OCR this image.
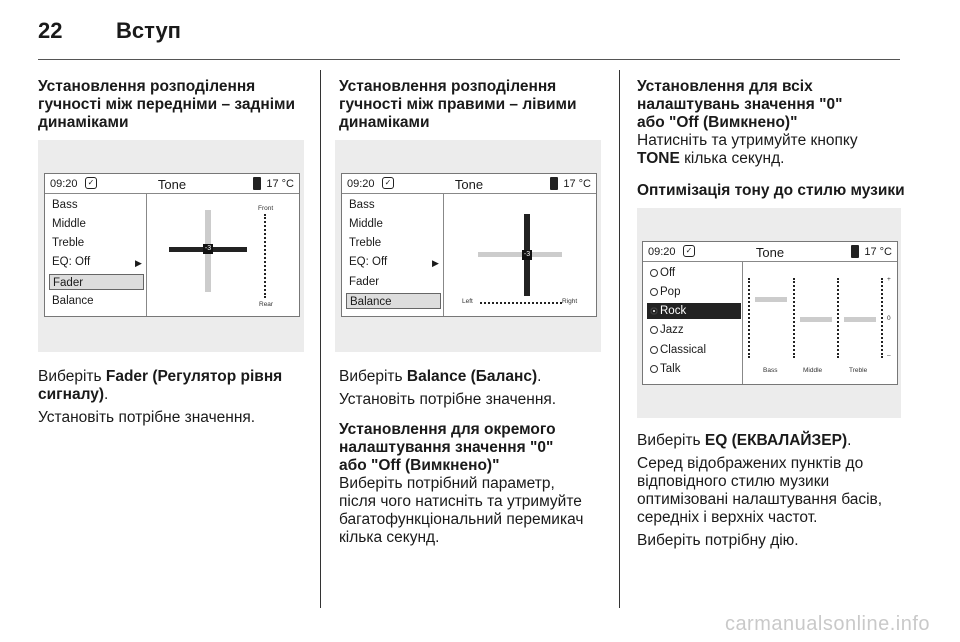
22 Вступ
Установлення розподілення
гучності між передніми – задніми
динаміками
09:20	✓	Tone	17 °C
Bass
Middle
Treble
EQ: Off	▶
Fader
Balance
-3
Front
Rear

Виберіть Fader (Регулятор рівня
сигналу).

Установіть потрібне значення.

Установлення розподілення
гучності між правими – лівими
динаміками
09:20	✓	Tone	17 °C
Bass
Middle
Treble
EQ: Off	▶
Fader
Balance
-3
Left	Right

Виберіть Balance (Баланс).

Установіть потрібне значення.

Установлення для окремого
налаштування значення "0"
або "Off (Вимкнено)"

Виберіть потрібний параметр,
після чого натисніть та утримуйте
багатофункціональний перемикач
кілька секунд.

Установлення для всіх
налаштувань значення "0"
або "Off (Вимкнено)"

Натисніть та утримуйте кнопку
TONE кілька секунд.

Оптимізація тону до стилю музики
09:20	✓	Tone	17 °C
Off
Pop
Rock
Jazz
Classical
Talk
+
0
–
Bass	Middle	Treble

Виберіть EQ (ЕКВАЛАЙЗЕР).

Серед відображених пунктів до
відповідного стилю музики
оптимізовані налаштування басів,
середніх і верхніх частот.

Виберіть потрібну дію.

carmanualsonline.info
